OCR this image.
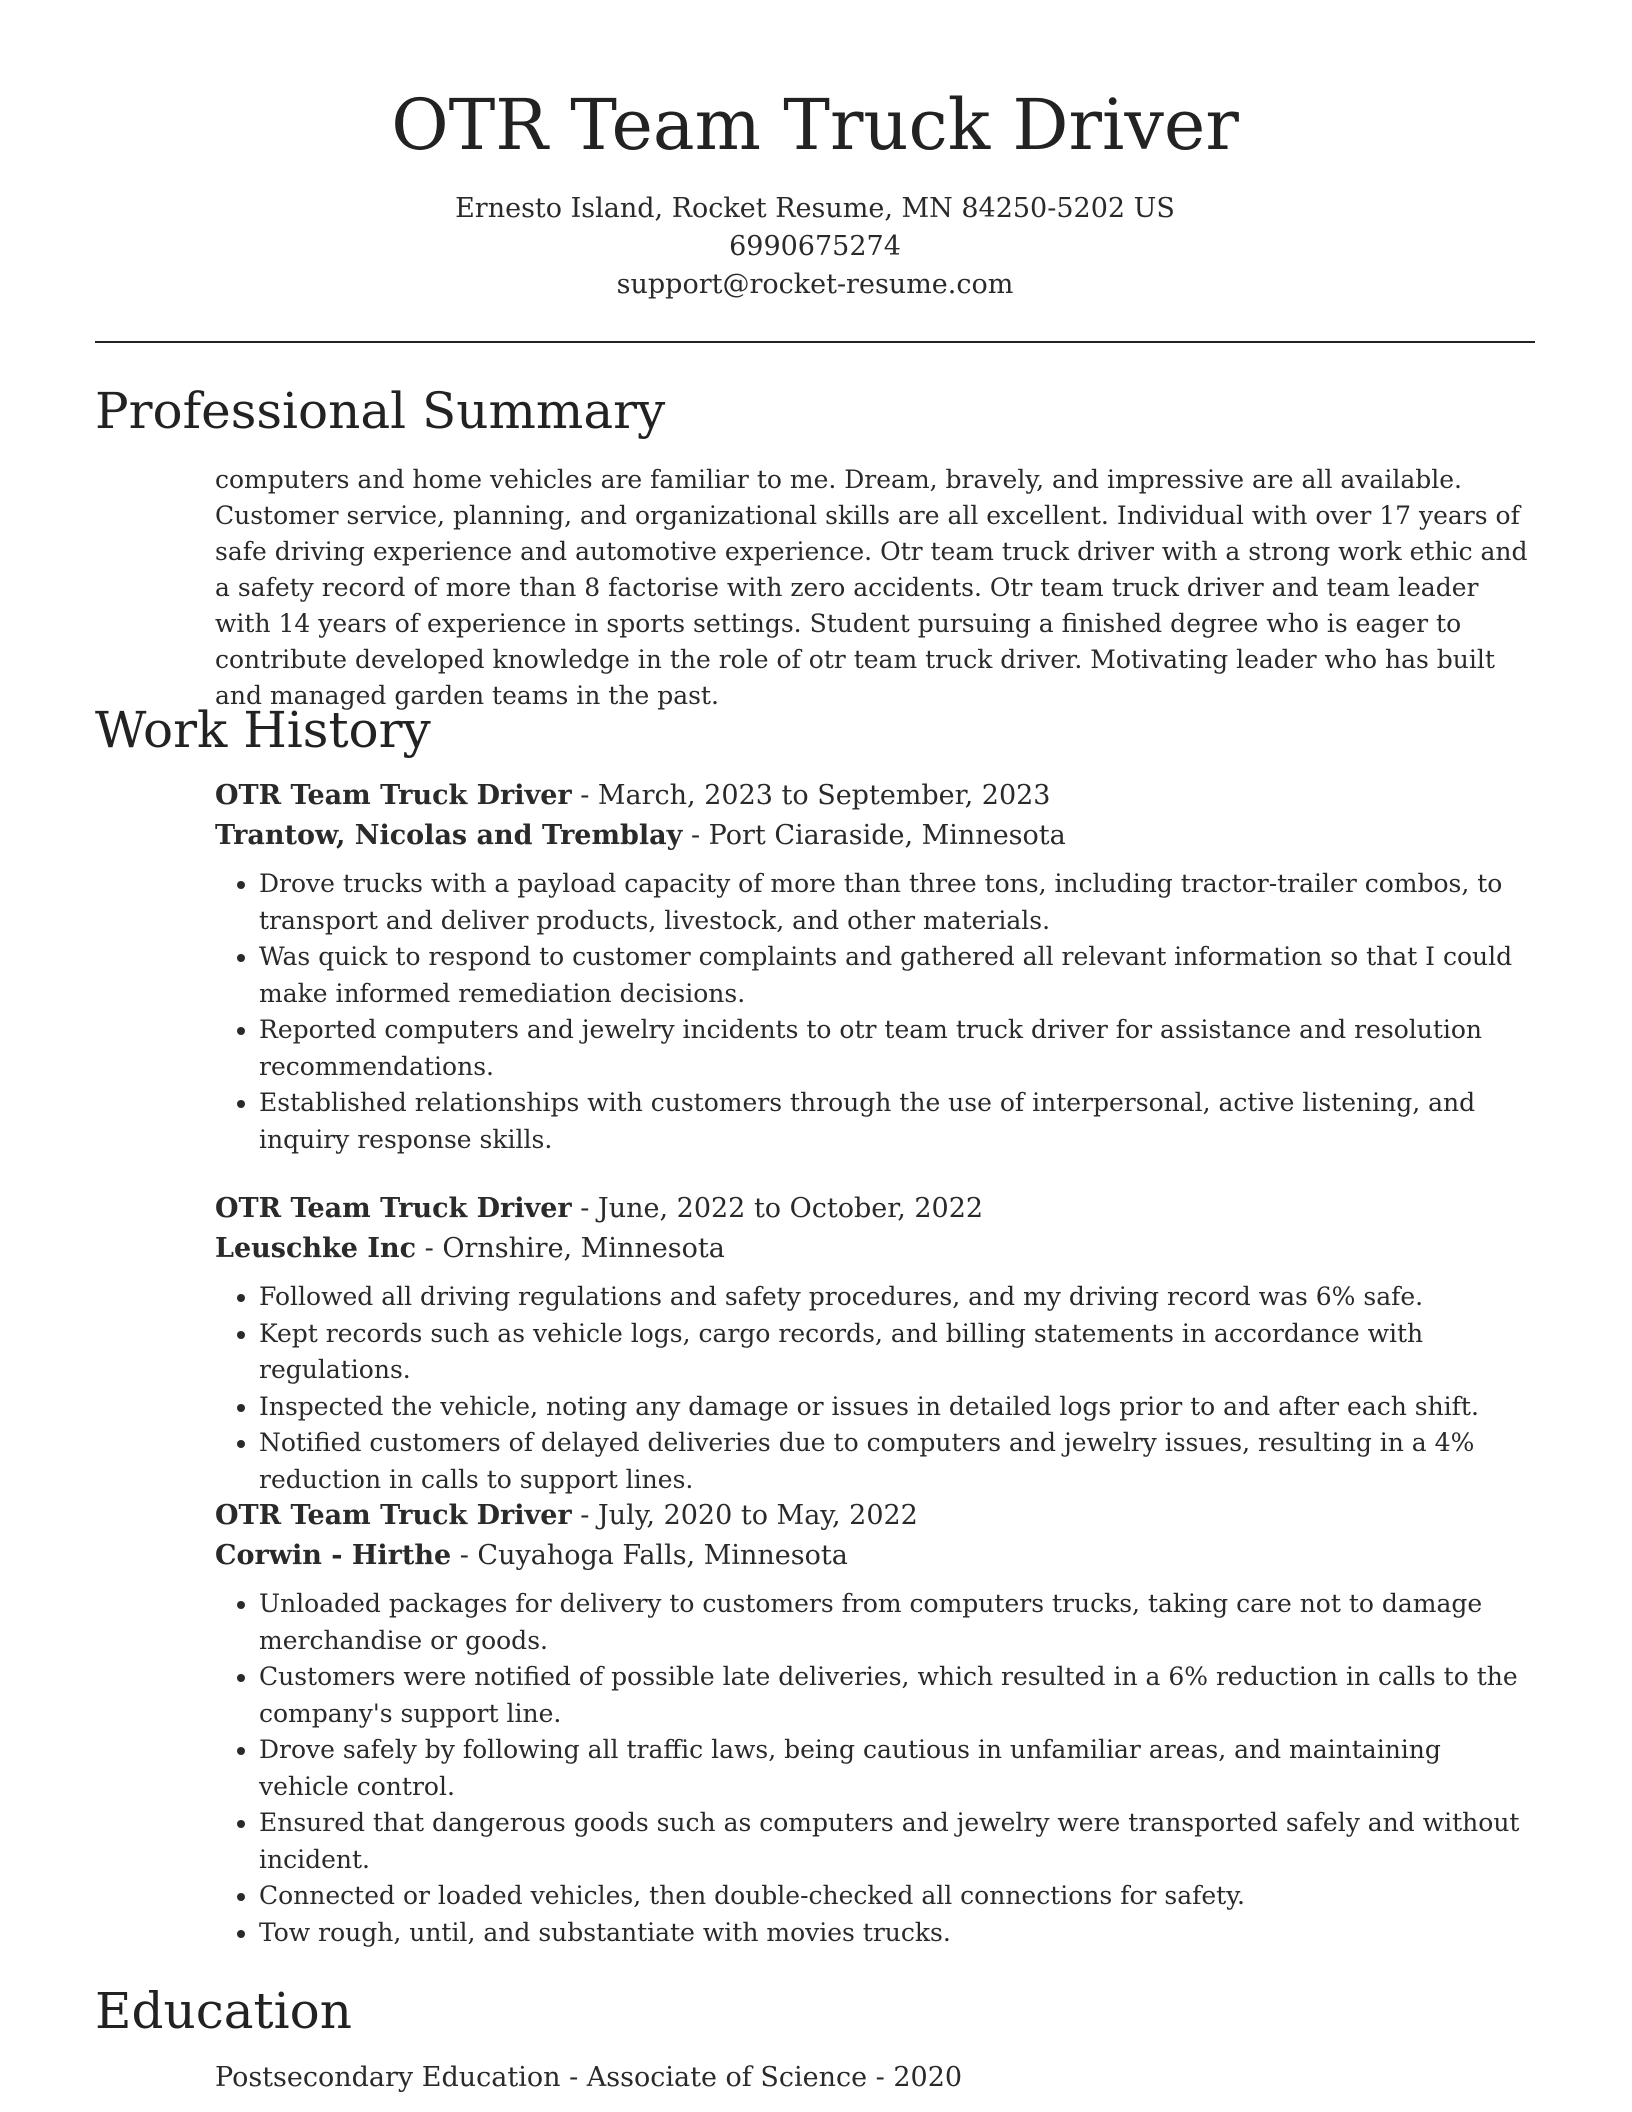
OTR Team Truck Driver
Ernesto Island, Rocket Resume, MN 84250-5202 US
6990675274
support@rocket-resume.com
Professional Summary

computers and home vehicles are familiar to me. Dream, bravely, and impressive are all available. Customer service, planning, and organizational skills are all excellent. Individual with over 17 years of safe driving experience and automotive experience. Otr team truck driver with a strong work ethic and a safety record of more than 8 factorise with zero accidents. Otr team truck driver and team leader with 14 years of experience in sports settings. Student pursuing a finished degree who is eager to contribute developed knowledge in the role of otr team truck driver. Motivating leader who has built and managed garden teams in the past.

Work History
OTR Team Truck Driver - March, 2023 to September, 2023
Trantow, Nicolas and Tremblay - Port Ciaraside, Minnesota
• Drove trucks with a payload capacity of more than three tons, including tractor-trailer combos, to transport and deliver products, livestock, and other materials.
• Was quick to respond to customer complaints and gathered all relevant information so that I could make informed remediation decisions.
• Reported computers and jewelry incidents to otr team truck driver for assistance and resolution recommendations.
• Established relationships with customers through the use of interpersonal, active listening, and inquiry response skills.
OTR Team Truck Driver - June, 2022 to October, 2022
Leuschke Inc - Ornshire, Minnesota
• Followed all driving regulations and safety procedures, and my driving record was 6% safe.
• Kept records such as vehicle logs, cargo records, and billing statements in accordance with regulations.
• Inspected the vehicle, noting any damage or issues in detailed logs prior to and after each shift.
• Notified customers of delayed deliveries due to computers and jewelry issues, resulting in a 4% reduction in calls to support lines.
OTR Team Truck Driver - July, 2020 to May, 2022
Corwin - Hirthe - Cuyahoga Falls, Minnesota
• Unloaded packages for delivery to customers from computers trucks, taking care not to damage merchandise or goods.
• Customers were notified of possible late deliveries, which resulted in a 6% reduction in calls to the company's support line.
• Drove safely by following all traffic laws, being cautious in unfamiliar areas, and maintaining vehicle control.
• Ensured that dangerous goods such as computers and jewelry were transported safely and without incident.
• Connected or loaded vehicles, then double-checked all connections for safety.
• Tow rough, until, and substantiate with movies trucks.
Education
Postsecondary Education - Associate of Science - 2020
